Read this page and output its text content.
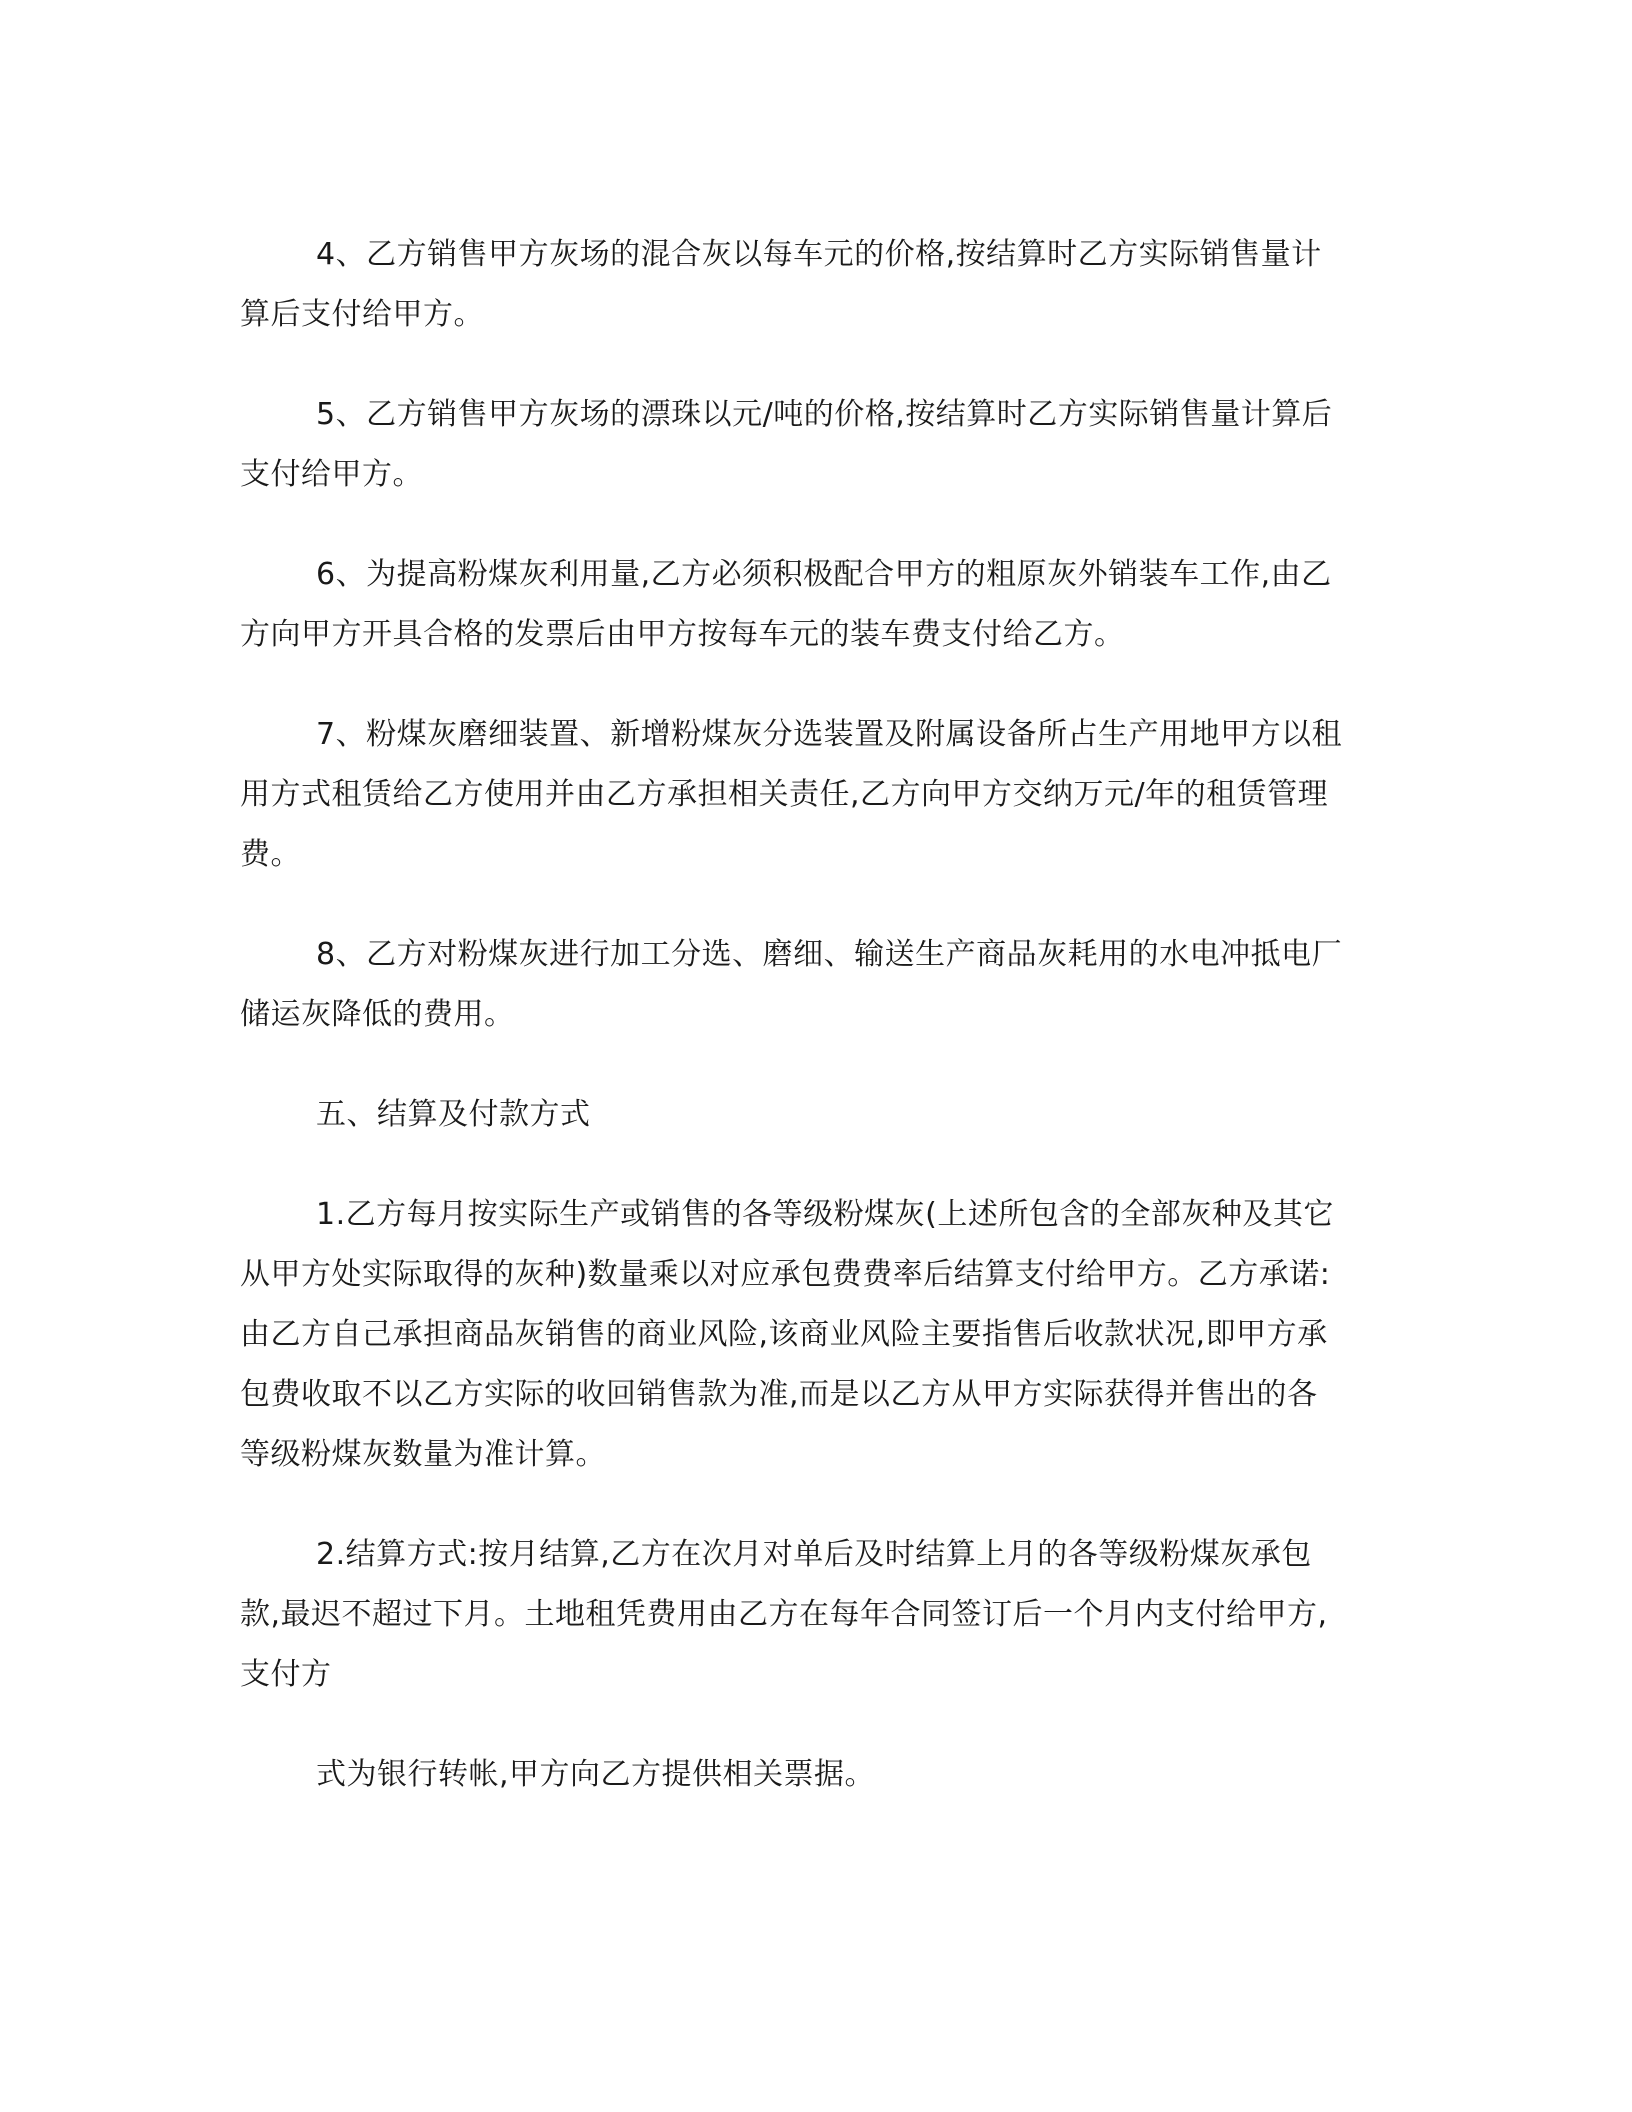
4、乙方销售甲方灰场的混合灰以每车元的价格,按结算时乙方实际销售量计
算后支付给甲方。
5、乙方销售甲方灰场的漂珠以元/吨的价格,按结算时乙方实际销售量计算后
支付给甲方。
6、为提高粉煤灰利用量,乙方必须积极配合甲方的粗原灰外销装车工作,由乙
方向甲方开具合格的发票后由甲方按每车元的装车费支付给乙方。
7、粉煤灰磨细装置、新增粉煤灰分选装置及附属设备所占生产用地甲方以租
用方式租赁给乙方使用并由乙方承担相关责任,乙方向甲方交纳万元/年的租赁管理
费。
8、乙方对粉煤灰进行加工分选、磨细、输送生产商品灰耗用的水电冲抵电厂
储运灰降低的费用。
五、结算及付款方式
1.乙方每月按实际生产或销售的各等级粉煤灰(上述所包含的全部灰种及其它
从甲方处实际取得的灰种)数量乘以对应承包费费率后结算支付给甲方。乙方承诺:
由乙方自己承担商品灰销售的商业风险,该商业风险主要指售后收款状况,即甲方承
包费收取不以乙方实际的收回销售款为准,而是以乙方从甲方实际获得并售出的各
等级粉煤灰数量为准计算。
2.结算方式:按月结算,乙方在次月对单后及时结算上月的各等级粉煤灰承包
款,最迟不超过下月。土地租凭费用由乙方在每年合同签订后一个月内支付给甲方,
支付方
式为银行转帐,甲方向乙方提供相关票据。
